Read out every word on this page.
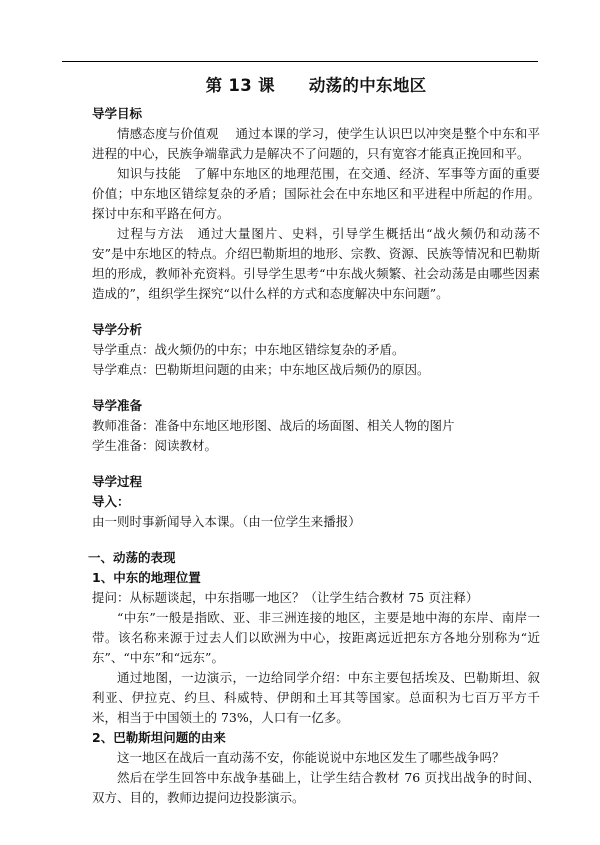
第 13 课 动荡的中东地区

导学目标

情感态度与价值观　 通过本课的学习，使学生认识巴以冲突是整个中东和平进程的中心，民族争端靠武力是解决不了问题的，只有宽容才能真正挽回和平。

知识与技能　了解中东地区的地理范围，在交通、经济、军事等方面的重要价值；中东地区错综复杂的矛盾；国际社会在中东地区和平进程中所起的作用。探讨中东和平路在何方。

过程与方法　通过大量图片、史料，引导学生概括出“战火频仍和动荡不安”是中东地区的特点。介绍巴勒斯坦的地形、宗教、资源、民族等情况和巴勒斯坦的形成，教师补充资料。引导学生思考“中东战火频繁、社会动荡是由哪些因素造成的”，组织学生探究“以什么样的方式和态度解决中东问题”。

导学分析

导学重点：战火频仍的中东；中东地区错综复杂的矛盾。

导学难点：巴勒斯坦问题的由来；中东地区战后频仍的原因。

导学准备

教师准备：准备中东地区地形图、战后的场面图、相关人物的图片

学生准备：阅读教材。

导学过程

导入：

由一则时事新闻导入本课。（由一位学生来播报）

一、动荡的表现

1、中东的地理位置

提问：从标题谈起，中东指哪一地区？（让学生结合教材 75 页注释）

“中东”一般是指欧、亚、非三洲连接的地区，主要是地中海的东岸、南岸一带。该名称来源于过去人们以欧洲为中心，按距离远近把东方各地分别称为“近东”、“中东”和“远东”。

通过地图，一边演示，一边给同学介绍：中东主要包括埃及、巴勒斯坦、叙利亚、伊拉克、约旦、科威特、伊朗和土耳其等国家。总面积为七百万平方千米，相当于中国领土的 73%，人口有一亿多。

2、巴勒斯坦问题的由来

这一地区在战后一直动荡不安，你能说说中东地区发生了哪些战争吗？

然后在学生回答中东战争基础上，让学生结合教材 76 页找出战争的时间、双方、目的，教师边提问边投影演示。
